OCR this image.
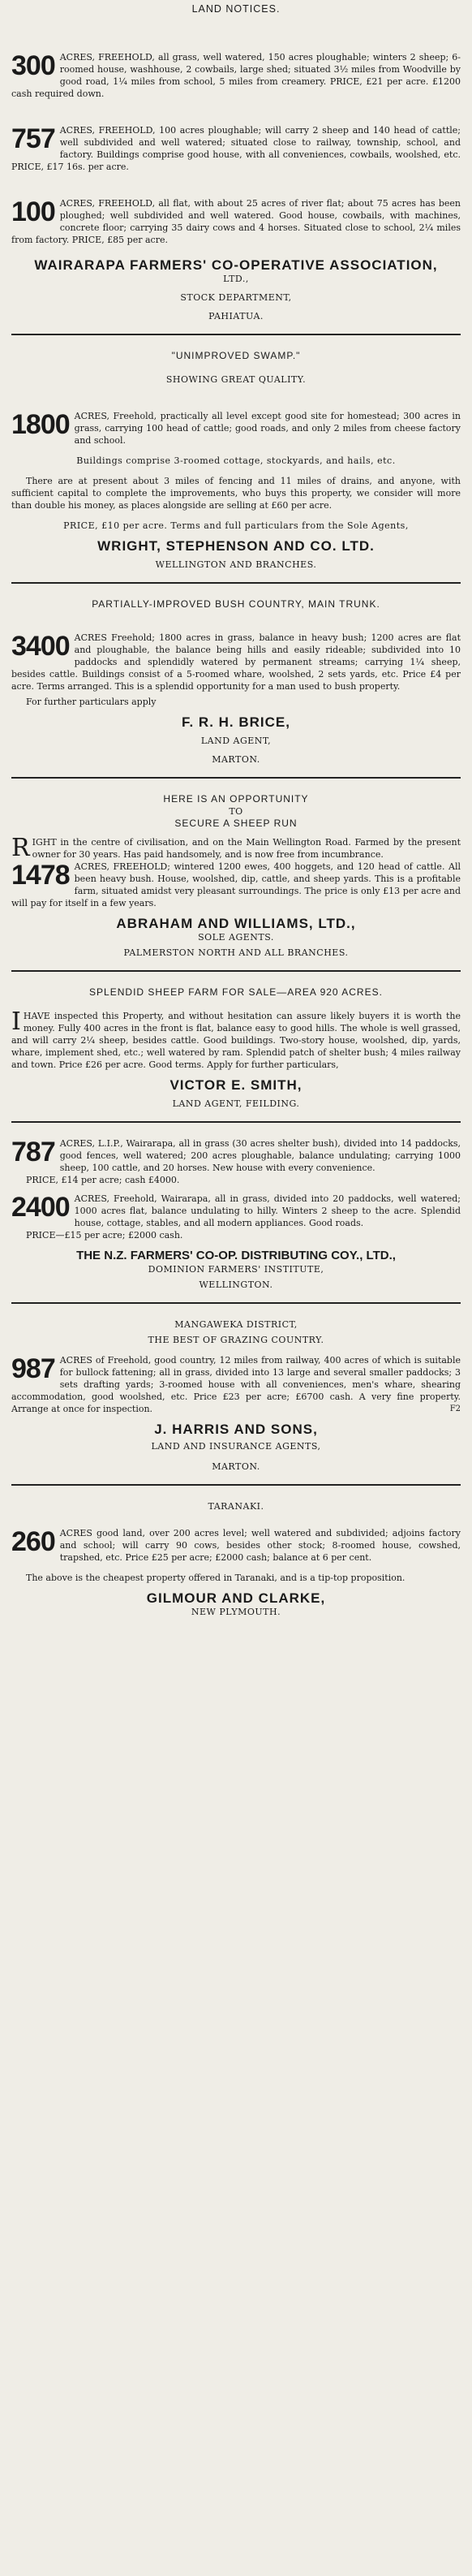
LAND NOTICES.
300 ACRES, FREEHOLD, all grass, well watered, 150 acres ploughable; winters 2 sheep; 6-roomed house, washhouse, 2 cowbails, large shed; situated 3½ miles from Woodville by good road, 1¼ miles from school, 5 miles from creamery. PRICE, £21 per acre. £1200 cash required down.
757 ACRES, FREEHOLD, 100 acres ploughable; will carry 2 sheep and 140 head of cattle; well subdivided and well watered; situated close to railway, township, school, and factory. Buildings comprise good house, with all conveniences, cowbails, woolshed, etc. PRICE, £17 16s. per acre.
100 ACRES, FREEHOLD, all flat, with about 25 acres of river flat; about 75 acres has been ploughed; well subdivided and well watered. Good house, cowbails, with machines, concrete floor; carrying 35 dairy cows and 4 horses. Situated close to school, 2¼ miles from factory. PRICE, £85 per acre.
WAIRARAPA FARMERS' CO-OPERATIVE ASSOCIATION,
LTD.,
STOCK DEPARTMENT,
PAHIATUA.
"UNIMPROVED SWAMP."
SHOWING GREAT QUALITY.
1800 ACRES, Freehold, practically all level except good site for homestead; 300 acres in grass, carrying 100 head of cattle; good roads, and only 2 miles from cheese factory and school.
Buildings comprise 3-roomed cottage, stockyards, and hails, etc.
There are at present about 3 miles of fencing and 11 miles of drains, and anyone, with sufficient capital to complete the improvements, who buys this property, we consider will more than double his money, as places alongside are selling at £60 per acre.
PRICE, £10 per acre. Terms and full particulars from the Sole Agents,
WRIGHT, STEPHENSON AND CO. LTD.
WELLINGTON AND BRANCHES.
PARTIALLY-IMPROVED BUSH COUNTRY, MAIN TRUNK.
3400 ACRES Freehold; 1800 acres in grass, balance in heavy bush; 1200 acres are flat and ploughable, the balance being hills and easily rideable; subdivided into 10 paddocks and splendidly watered by permanent streams; carrying 1¼ sheep, besides cattle. Buildings consist of a 5-roomed whare, woolshed, 2 sets yards, etc. Price £4 per acre. Terms arranged. This is a splendid opportunity for a man used to bush property.
For further particulars apply
F. R. H. BRICE,
LAND AGENT,
MARTON.
HERE IS AN OPPORTUNITY
TO
SECURE A SHEEP RUN
R IGHT in the centre of civilisation, and on the Main Wellington Road. Farmed by the present owner for 30 years. Has paid handsomely, and is now free from incumbrance.
1478 ACRES, FREEHOLD; wintered 1200 ewes, 400 hoggets, and 120 head of cattle. All been heavy bush. House, woolshed, dip, cattle, and sheep yards. This is a profitable farm, situated amidst very pleasant surroundings. The price is only £13 per acre and will pay for itself in a few years.
ABRAHAM AND WILLIAMS, LTD.,
SOLE AGENTS.
PALMERSTON NORTH AND ALL BRANCHES.
SPLENDID SHEEP FARM FOR SALE—AREA 920 ACRES.
I HAVE inspected this Property, and without hesitation can assure likely buyers it is worth the money. Fully 400 acres in the front is flat, balance easy to good hills. The whole is well grassed, and will carry 2¼ sheep, besides cattle. Good buildings. Two-story house, woolshed, dip, yards, whare, implement shed, etc.; well watered by ram. Splendid patch of shelter bush; 4 miles railway and town. Price £26 per acre. Good terms. Apply for further particulars,
VICTOR E. SMITH,
LAND AGENT, FEILDING.
787 ACRES, L.I.P., Wairarapa, all in grass (30 acres shelter bush), divided into 14 paddocks, good fences, well watered; 200 acres ploughable, balance undulating; carrying 1000 sheep, 100 cattle, and 20 horses. New house with every convenience.
PRICE, £14 per acre; cash £4000.
2400 ACRES, Freehold, Wairarapa, all in grass, divided into 20 paddocks, well watered; 1000 acres flat, balance undulating to hilly. Winters 2 sheep to the acre. Splendid house, cottage, stables, and all modern appliances. Good roads.
PRICE—£15 per acre; £2000 cash.
THE N.Z. FARMERS' CO-OP. DISTRIBUTING COY., LTD.,
DOMINION FARMERS' INSTITUTE,
WELLINGTON.
MANGAWEKA DISTRICT,
THE BEST OF GRAZING COUNTRY.
987 ACRES of Freehold, good country, 12 miles from railway, 400 acres of which is suitable for bullock fattening; all in grass, divided into 13 large and several smaller paddocks; 3 sets drafting yards; 3-roomed house with all conveniences, men's whare, shearing accommodation, good woolshed, etc. Price £23 per acre; £6700 cash. A very fine property. Arrange at once for inspection.	F2
J. HARRIS AND SONS,
LAND AND INSURANCE AGENTS,
MARTON.
TARANAKI.
260 ACRES good land, over 200 acres level; well watered and subdivided; adjoins factory and school; will carry 90 cows, besides other stock; 8-roomed house, cowshed, trapshed, etc. Price £25 per acre; £2000 cash; balance at 6 per cent.
The above is the cheapest property offered in Taranaki, and is a tip-top proposition.
GILMOUR AND CLARKE,
NEW PLYMOUTH.
